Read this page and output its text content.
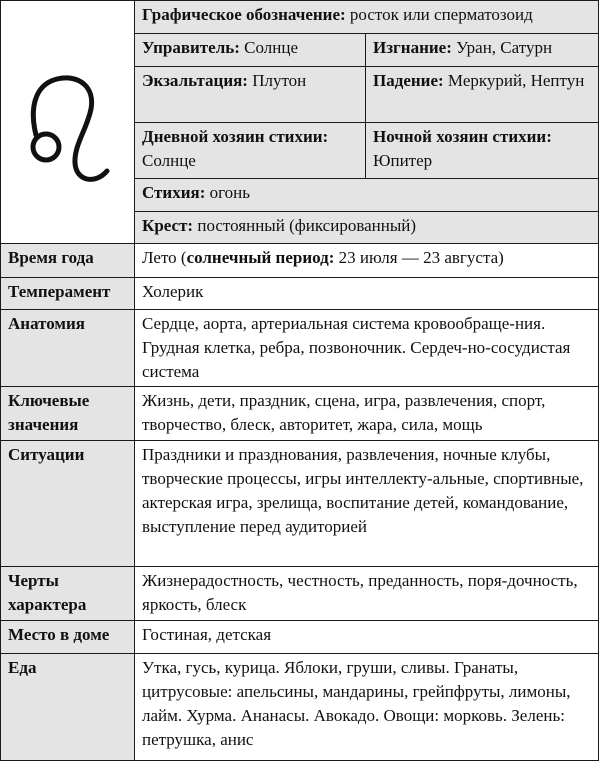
	Графическое обозначение: росток или сперматозоид	
	Управитель: Солнце	Изгнание: Уран, Сатурн
	Экзальтация: Плутон	Падение: Меркурий, Нептун
	Дневной хозяин стихии: Солнце	Ночной хозяин стихии: Юпитер
	Стихия: огонь	
	Крест: постоянный (фиксированный)	
Время года	Лето (солнечный период: 23 июля — 23 августа)	
Темперамент	Холерик	
Анатомия	Сердце, аорта, артериальная система кровообраще-ния. Грудная клетка, ребра, позвоночник. Сердеч-но-сосудистая система	
Ключевые значения	Жизнь, дети, праздник, сцена, игра, развлечения, спорт, творчество, блеск, авторитет, жара, сила, мощь	
Ситуации	Праздники и празднования, развлечения, ночные клубы, творческие процессы, игры интеллекту-альные, спортивные, актерская игра, зрелища, воспитание детей, командование, выступление перед аудиторией	
Черты характера	Жизнерадостность, честность, преданность, поря-дочность, яркость, блеск	
Место в доме	Гостиная, детская	
Еда	Утка, гусь, курица. Яблоки, груши, сливы. Гранаты, цитрусовые: апельсины, мандарины, грейпфруты, лимоны, лайм. Хурма. Ананасы. Авокадо. Овощи: морковь. Зелень: петрушка, анис	
